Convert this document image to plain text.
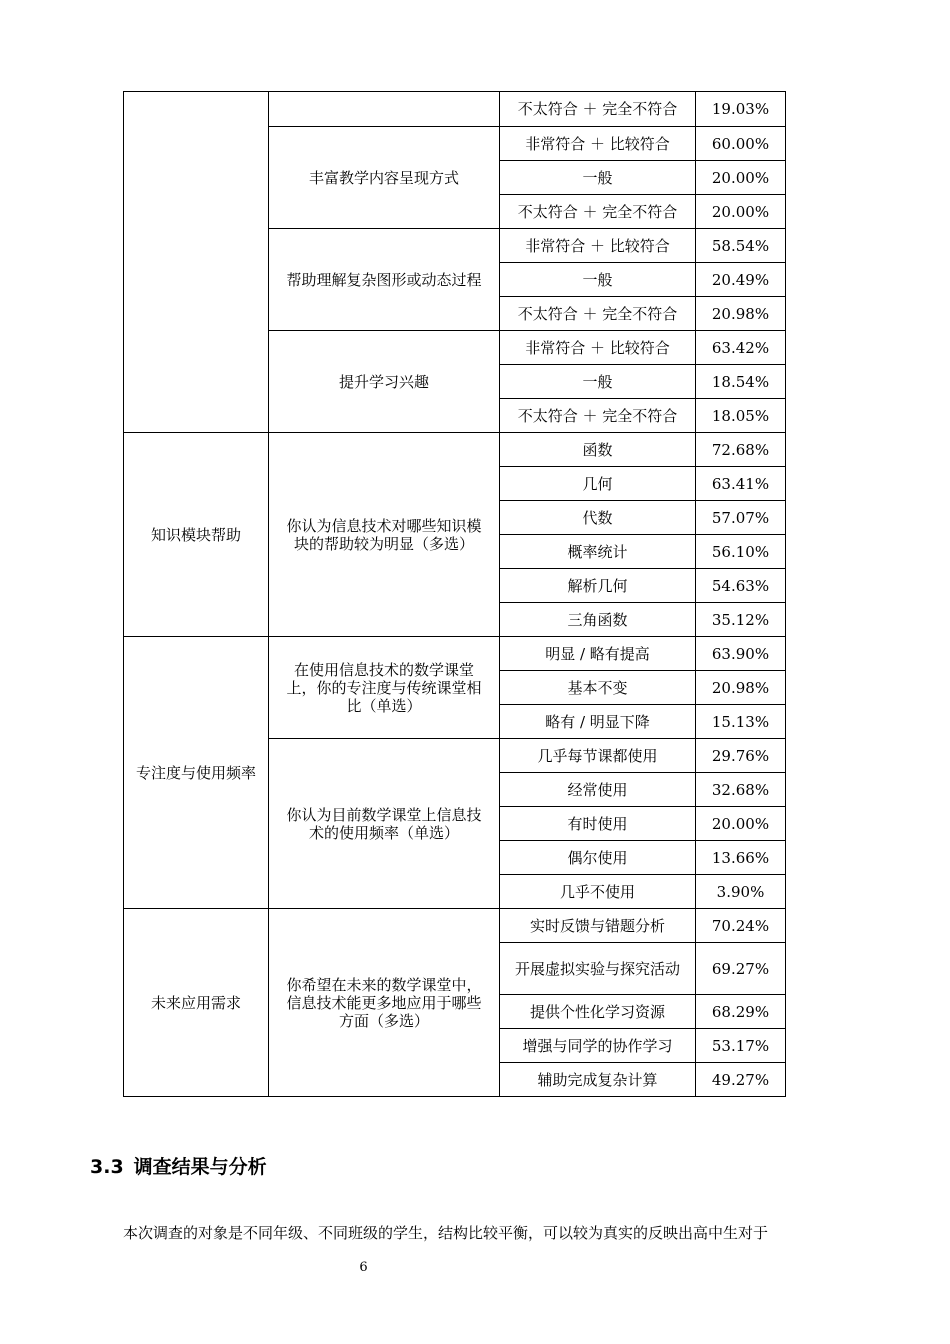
		不太符合 ＋ 完全不符合	19.03%
	丰富教学内容呈现方式	非常符合 ＋ 比较符合	60.00%
		一般	20.00%
		不太符合 ＋ 完全不符合	20.00%
	帮助理解复杂图形或动态过程	非常符合 ＋ 比较符合	58.54%
		一般	20.49%
		不太符合 ＋ 完全不符合	20.98%
	提升学习兴趣	非常符合 ＋ 比较符合	63.42%
		一般	18.54%
		不太符合 ＋ 完全不符合	18.05%
知识模块帮助	你认为信息技术对哪些知识模块的帮助较为明显（多选）	函数	72.68%
		几何	63.41%
		代数	57.07%
		概率统计	56.10%
		解析几何	54.63%
		三角函数	35.12%
专注度与使用频率	在使用信息技术的数学课堂上，你的专注度与传统课堂相比（单选）	明显 / 略有提高	63.90%
		基本不变	20.98%
		略有 / 明显下降	15.13%
	你认为目前数学课堂上信息技术的使用频率（单选）	几乎每节课都使用	29.76%
		经常使用	32.68%
		有时使用	20.00%
		偶尔使用	13.66%
		几乎不使用	3.90%
未来应用需求	你希望在未来的数学课堂中，信息技术能更多地应用于哪些方面（多选）	实时反馈与错题分析	70.24%
		开展虚拟实验与探究活动	69.27%
		提供个性化学习资源	68.29%
		增强与同学的协作学习	53.17%
		辅助完成复杂计算	49.27%
3.3 调查结果与分析

本次调查的对象是不同年级、不同班级的学生，结构比较平衡，可以较为真实的反映出高中生对于

6
